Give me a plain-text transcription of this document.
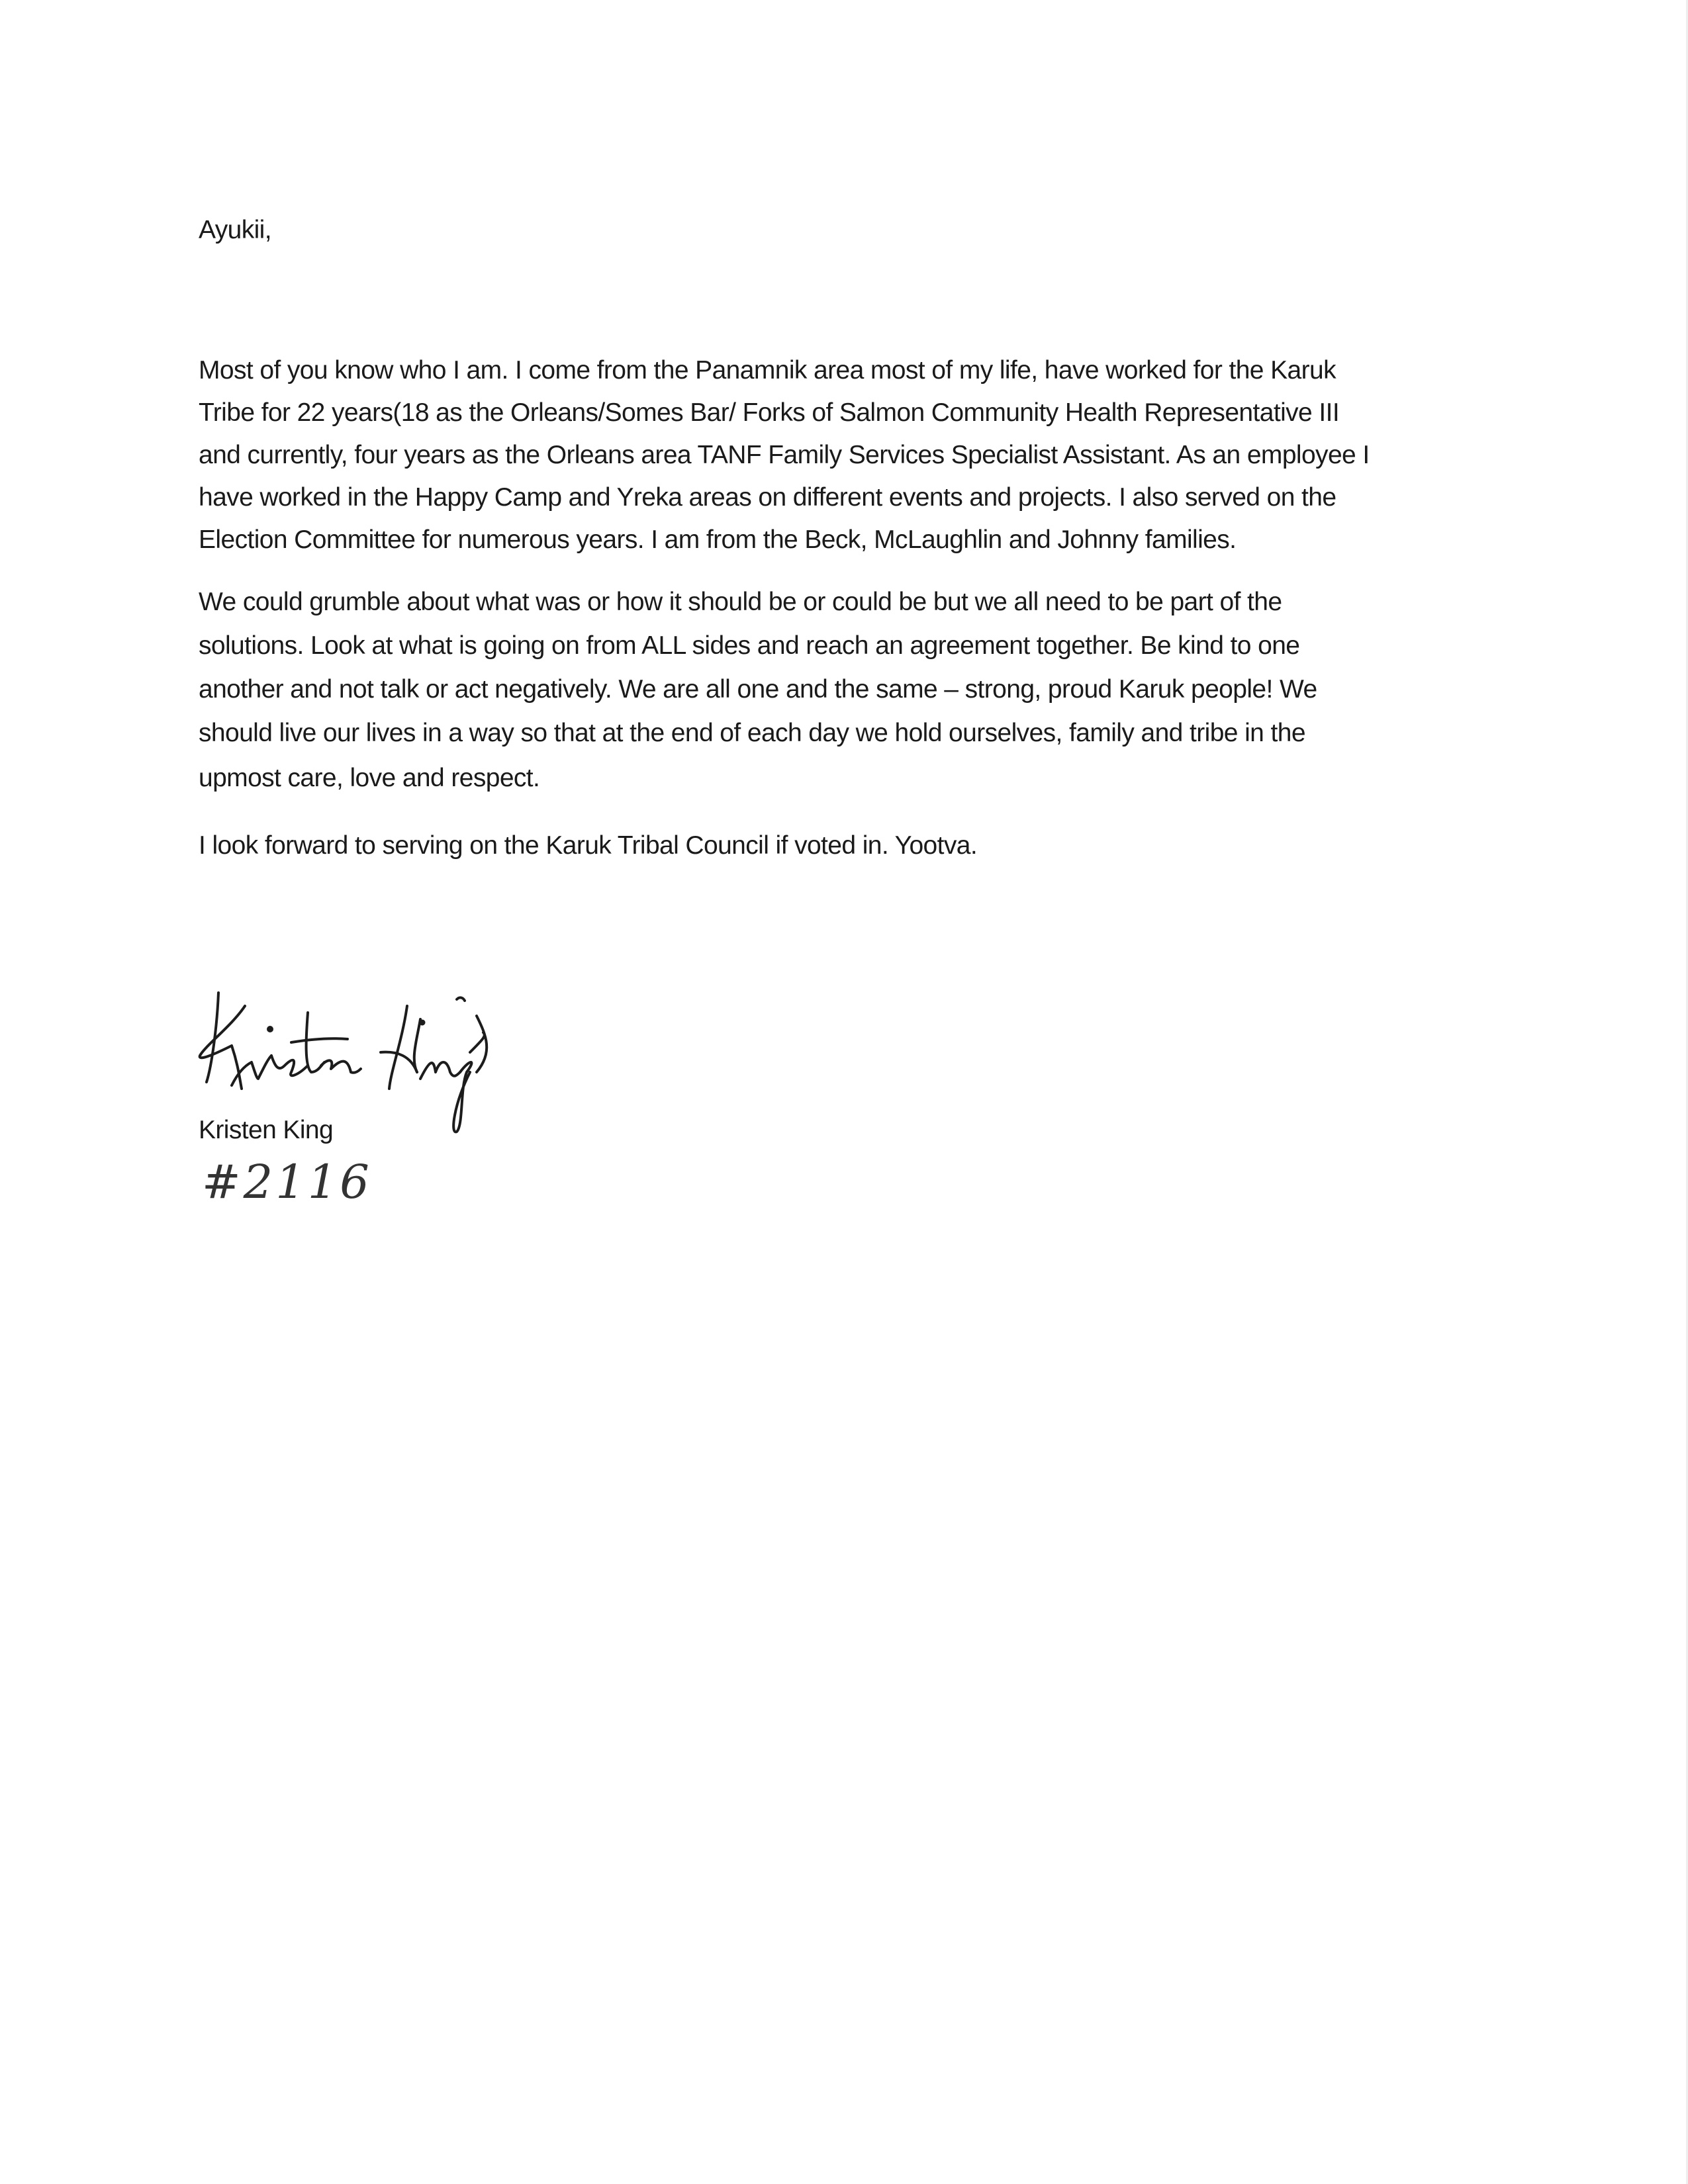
Ayukii,
Most of you know who I am. I come from the Panamnik area most of my life, have worked for the Karuk
Tribe for 22 years(18 as the Orleans/Somes Bar/ Forks of Salmon Community Health Representative III
and currently, four years as the Orleans area TANF Family Services Specialist Assistant. As an employee I
have worked in the Happy Camp and Yreka areas on different events and projects. I also served on the
Election Committee for numerous years. I am from the Beck, McLaughlin and Johnny families.
We could grumble about what was or how it should be or could be but we all need to be part of the
solutions. Look at what is going on from ALL sides and reach an agreement together. Be kind to one
another and not talk or act negatively. We are all one and the same – strong, proud Karuk people! We
should live our lives in a way so that at the end of each day we hold ourselves, family and tribe in the
upmost care, love and respect.
I look forward to serving on the Karuk Tribal Council if voted in. Yootva.
Kristen King
#2116
